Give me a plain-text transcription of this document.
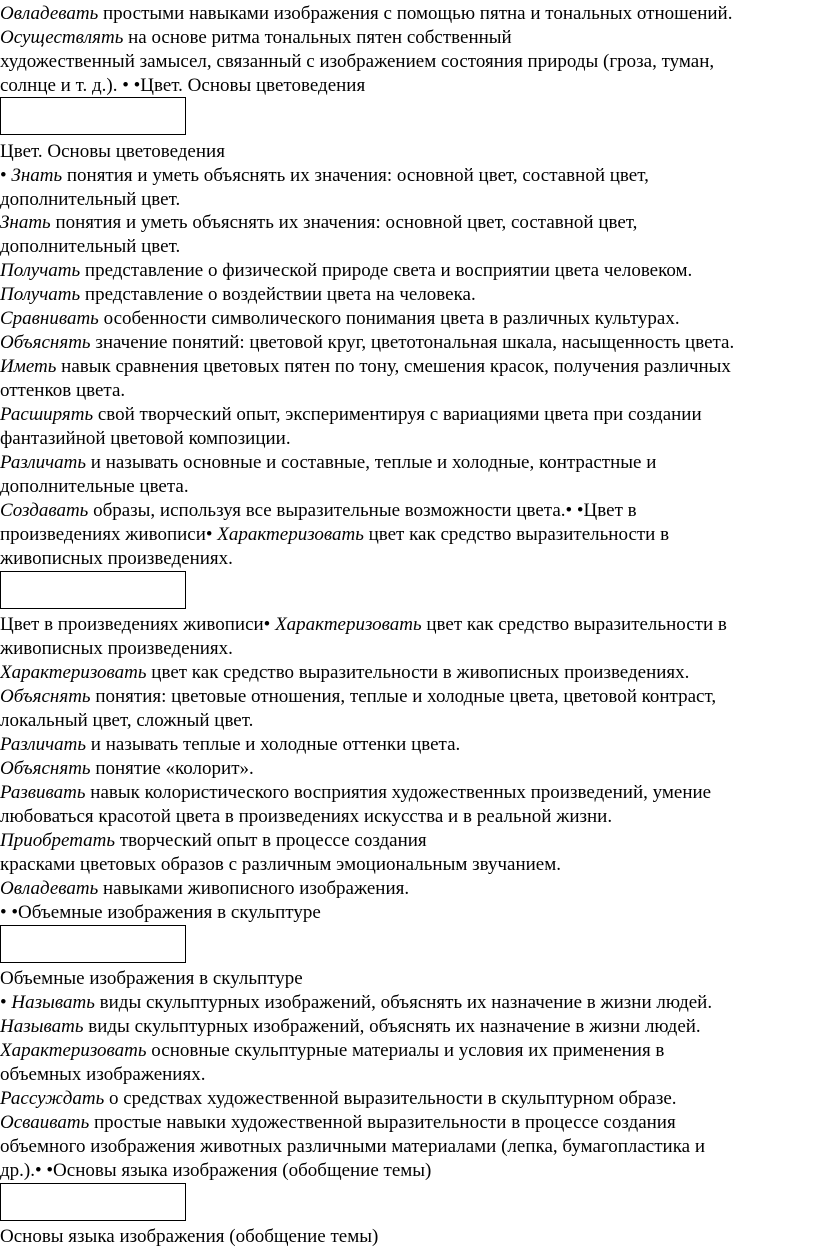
Овладевать простыми навыками изображения с помощью пятна и тональных отношений.
Осуществлять на основе ритма тональных пятен собственный
художественный замысел, связанный с изображением состояния природы (гроза, туман,
солнце и т. д.). • •Цвет. Основы цветоведения
Цвет. Основы цветоведения
• Знать понятия и уметь объяснять их значения: основной цвет, составной цвет,
дополнительный цвет.
Знать понятия и уметь объяснять их значения: основной цвет, составной цвет,
дополнительный цвет.
Получать представление о физической природе света и восприятии цвета человеком.
Получать представление о воздействии цвета на человека.
Сравнивать особенности символического понимания цвета в различных культурах.
Объяснять значение понятий: цветовой круг, цветотональная шкала, насыщенность цвета.
Иметь навык сравнения цветовых пятен по тону, смешения красок, получения различных
оттенков цвета.
Расширять свой творческий опыт, экспериментируя с вариациями цвета при создании
фантазийной цветовой композиции.
Различать и называть основные и составные, теплые и холодные, контрастные и
дополнительные цвета.
Создавать образы, используя все выразительные возможности цвета.• •Цвет в
произведениях живописи• Характеризовать цвет как средство выразительности в
живописных произведениях.
Цвет в произведениях живописи• Характеризовать цвет как средство выразительности в
живописных произведениях.
Характеризовать цвет как средство выразительности в живописных произведениях.
Объяснять понятия: цветовые отношения, теплые и холодные цвета, цветовой контраст,
локальный цвет, сложный цвет.
Различать и называть теплые и холодные оттенки цвета.
Объяснять понятие «колорит».
Развивать навык колористического восприятия художественных произведений, умение
любоваться красотой цвета в произведениях искусства и в реальной жизни.
Приобретать творческий опыт в процессе создания
красками цветовых образов с различным эмоциональным звучанием.
Овладевать навыками живописного изображения.
• •Объемные изображения в скульптуре
Объемные изображения в скульптуре
• Называть виды скульптурных изображений, объяснять их назначение в жизни людей.
Называть виды скульптурных изображений, объяснять их назначение в жизни людей.
Характеризовать основные скульптурные материалы и условия их применения в
объемных изображениях.
Рассуждать о средствах художественной выразительности в скульптурном образе.
Осваивать простые навыки художественной выразительности в процессе создания
объемного изображения животных различными материалами (лепка, бумагопластика и
др.).• •Основы языка изображения (обобщение темы)
Основы языка изображения (обобщение темы)
